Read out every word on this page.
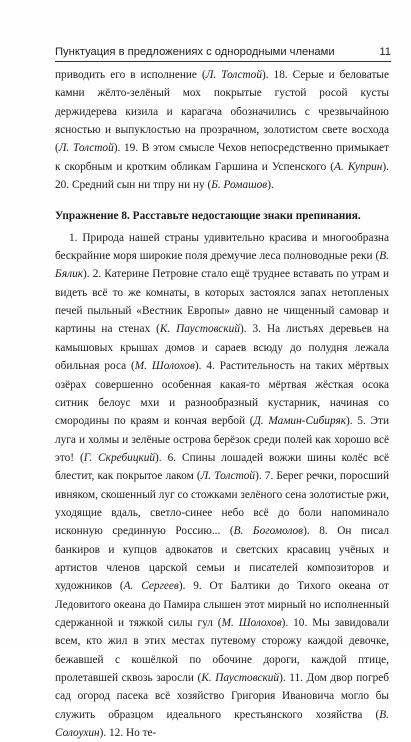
Пунктуация в предложениях с однородными членами	11

приводить его в исполнение (Л. Толстой). 18. Серые и беловатые камни жёлто-зелёный мох покрытые густой росой кусты держидерева кизила и карагача обозначились с чрезвычайною ясностью и выпуклостью на прозрачном, золотистом свете восхода (Л. Толстой). 19. В этом смысле Чехов непосредственно примыкает к скорбным и кротким обликам Гаршина и Успенского (А. Куприн). 20. Средний сын ни тпру ни ну (Б. Ромашов).

Упражнение 8. Расставьте недостающие знаки препинания.

1. Природа нашей страны удивительно красива и многообразна бескрайние моря широкие поля дремучие леса полноводные реки (В. Бялик). 2. Катерине Петровне стало ещё труднее вставать по утрам и видеть всё то же комнаты, в которых застоялся запах нетопленых печей пыльный «Вестник Европы» давно не чищенный самовар и картины на стенах (К. Паустовский). 3. На листьях деревьев на камышовых крышах домов и сараев всюду до полудня лежала обильная роса (М. Шолохов). 4. Растительность на таких мёртвых озёрах совершенно особенная какая-то мёртвая жёсткая осока ситник белоус мхи и разнообразный кустарник, начиная со смородины по краям и кончая вербой (Д. Мамин-Сибиряк). 5. Эти луга и холмы и зелёные острова берёзок среди полей как хорошо всё это! (Г. Скребицкий). 6. Спины лошадей вожжи шины колёс всё блестит, как покрытое лаком (Л. Толстой). 7. Берег речки, поросший ивняком, скошенный луг со стожками зелёного сена золотистые ржи, уходящие вдаль, светло-синее небо всё до боли напоминало исконную срединную Россию... (В. Богомолов). 8. Он писал банкиров и купцов адвокатов и светских красавиц учёных и артистов членов царской семьи и писателей композиторов и художников (А. Сергеев). 9. От Балтики до Тихого океана от Ледовитого океана до Памира слышен этот мирный но исполненный сдержанной и тяжкой силы гул (М. Шолохов). 10. Мы завидовали всем, кто жил в этих местах путевому сторожу каждой девочке, бежавшей с кошёлкой по обочине дороги, каждой птице, пролетавшей сквозь заросли (К. Паустовский). 11. Дом двор погреб сад огород пасека всё хозяйство Григория Ивановича могло бы служить образцом идеального крестьянского хозяйства (В. Солоухин). 12. Но те-
